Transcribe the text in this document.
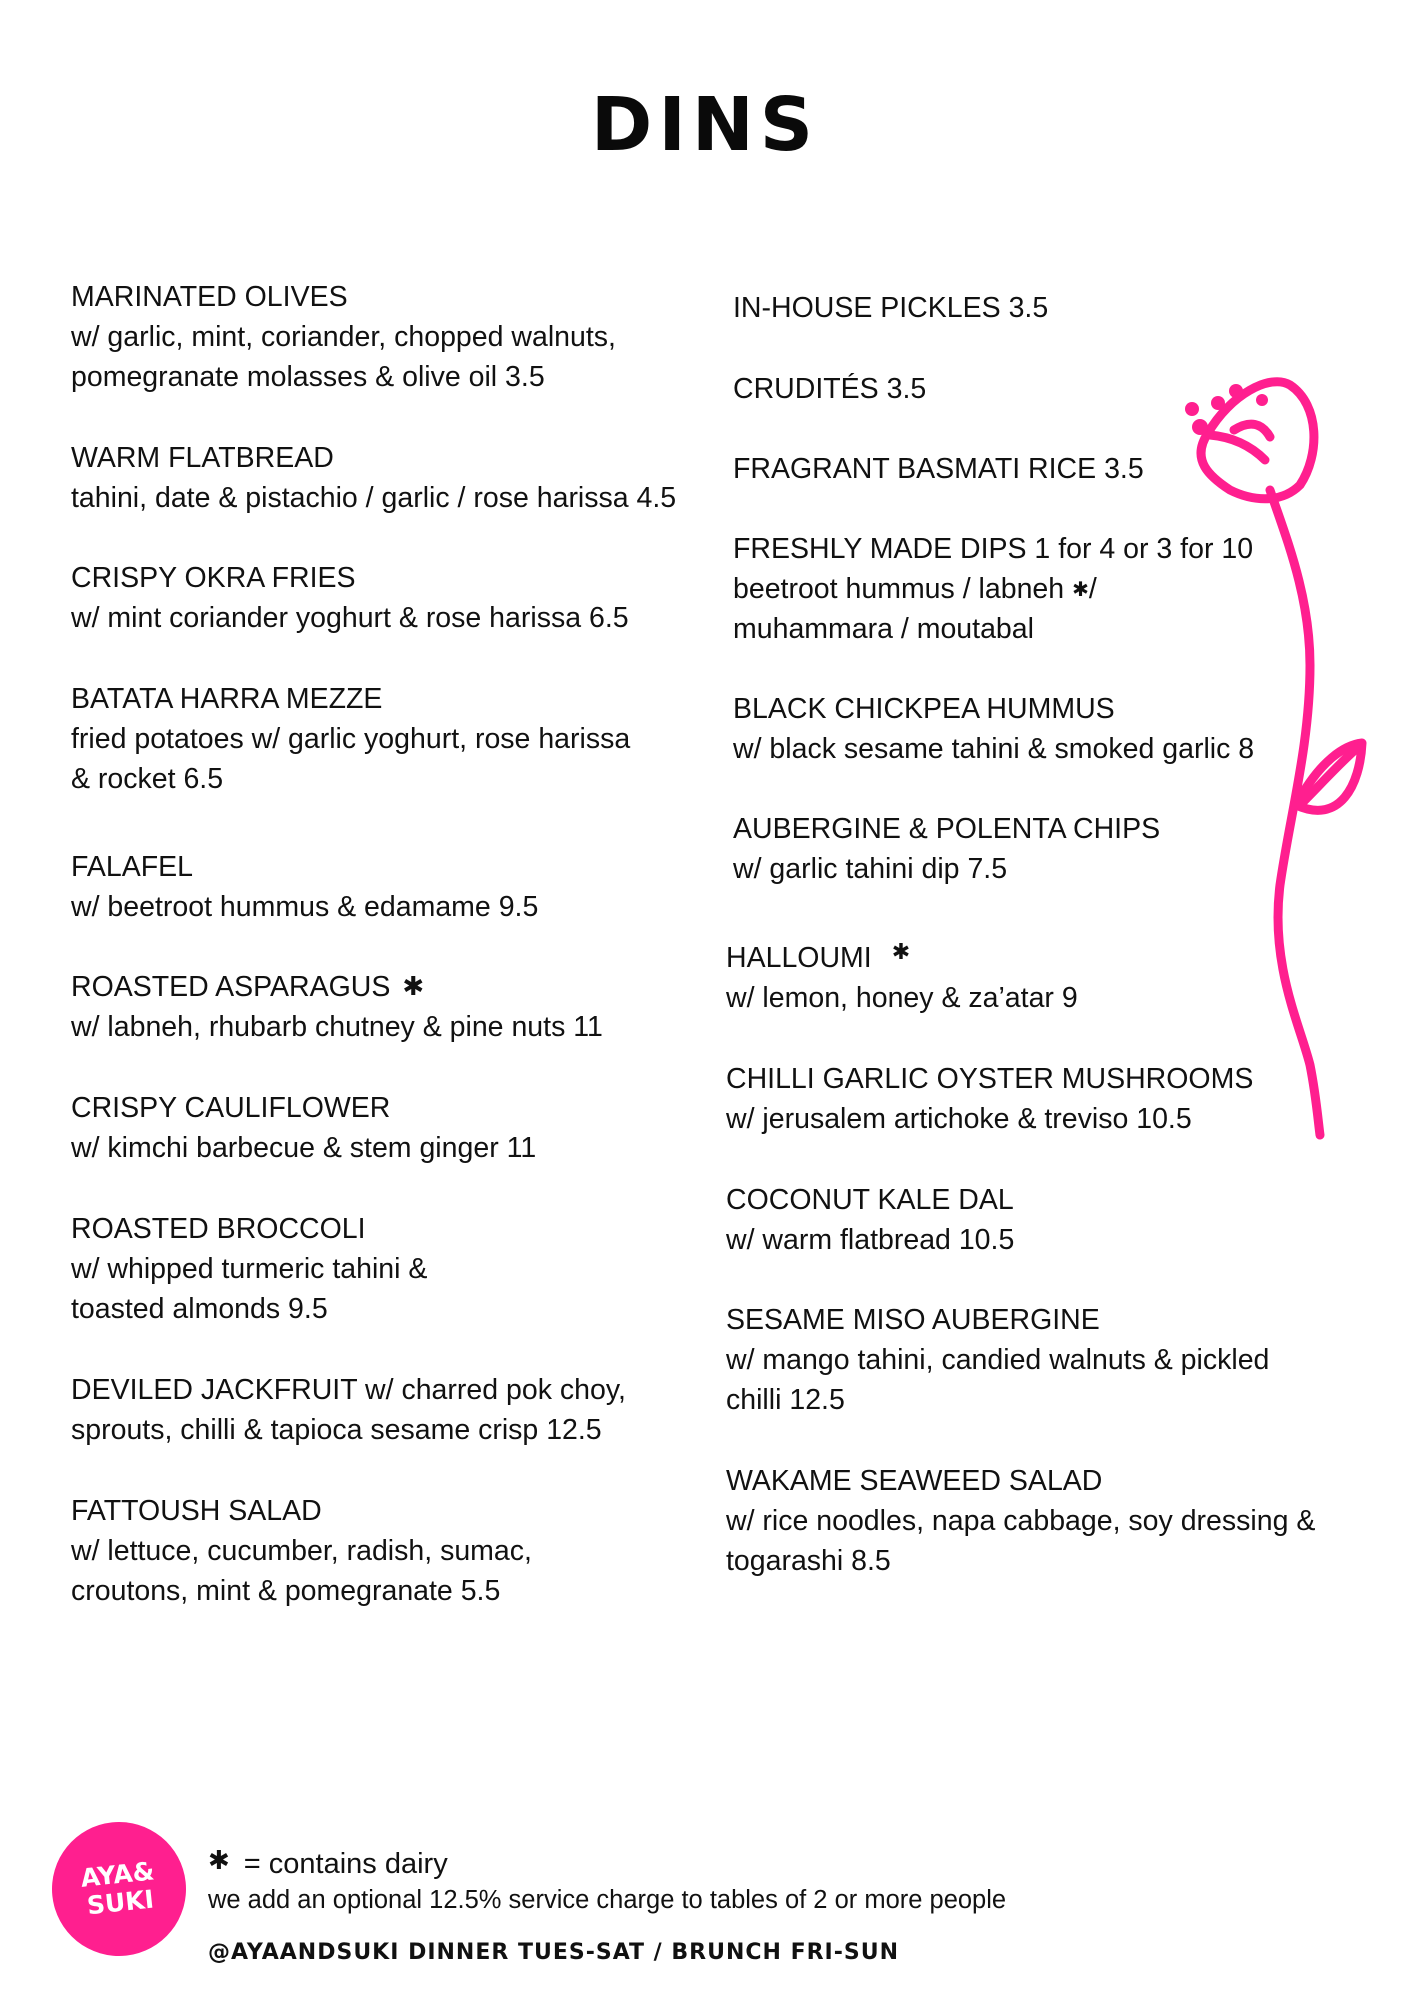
DINS
MARINATED OLIVES
w/ garlic, mint, coriander, chopped walnuts,
pomegranate molasses & olive oil 3.5
WARM FLATBREAD
tahini, date & pistachio / garlic / rose harissa 4.5
CRISPY OKRA FRIES
w/ mint coriander yoghurt & rose harissa 6.5
BATATA HARRA MEZZE
fried potatoes w/ garlic yoghurt, rose harissa
& rocket 6.5
FALAFEL
w/ beetroot hummus & edamame 9.5
ROASTED ASPARAGUS ✱
w/ labneh, rhubarb chutney & pine nuts 11
CRISPY CAULIFLOWER
w/ kimchi barbecue & stem ginger 11
ROASTED BROCCOLI
w/ whipped turmeric tahini &
toasted almonds 9.5
DEVILED JACKFRUIT w/ charred pok choy,
sprouts, chilli & tapioca sesame crisp 12.5
FATTOUSH SALAD
w/ lettuce, cucumber, radish, sumac,
croutons, mint & pomegranate 5.5
IN-HOUSE PICKLES 3.5
CRUDITÉS 3.5
FRAGRANT BASMATI RICE 3.5
FRESHLY MADE DIPS 1 for 4 or 3 for 10
beetroot hummus / labneh ✱/
muhammara / moutabal
BLACK CHICKPEA HUMMUS
w/ black sesame tahini & smoked garlic 8
AUBERGINE & POLENTA CHIPS
w/ garlic tahini dip 7.5
HALLOUMI ✱
w/ lemon, honey & za’atar 9
CHILLI GARLIC OYSTER MUSHROOMS
w/ jerusalem artichoke & treviso 10.5
COCONUT KALE DAL
w/ warm flatbread 10.5
SESAME MISO AUBERGINE
w/ mango tahini, candied walnuts & pickled
chilli 12.5
WAKAME SEAWEED SALAD
w/ rice noodles, napa cabbage, soy dressing &
togarashi 8.5
AYA&
SUKI
✱ = contains dairy
we add an optional 12.5% service charge to tables of 2 or more people
@AYAANDSUKI DINNER TUES-SAT / BRUNCH FRI-SUN
